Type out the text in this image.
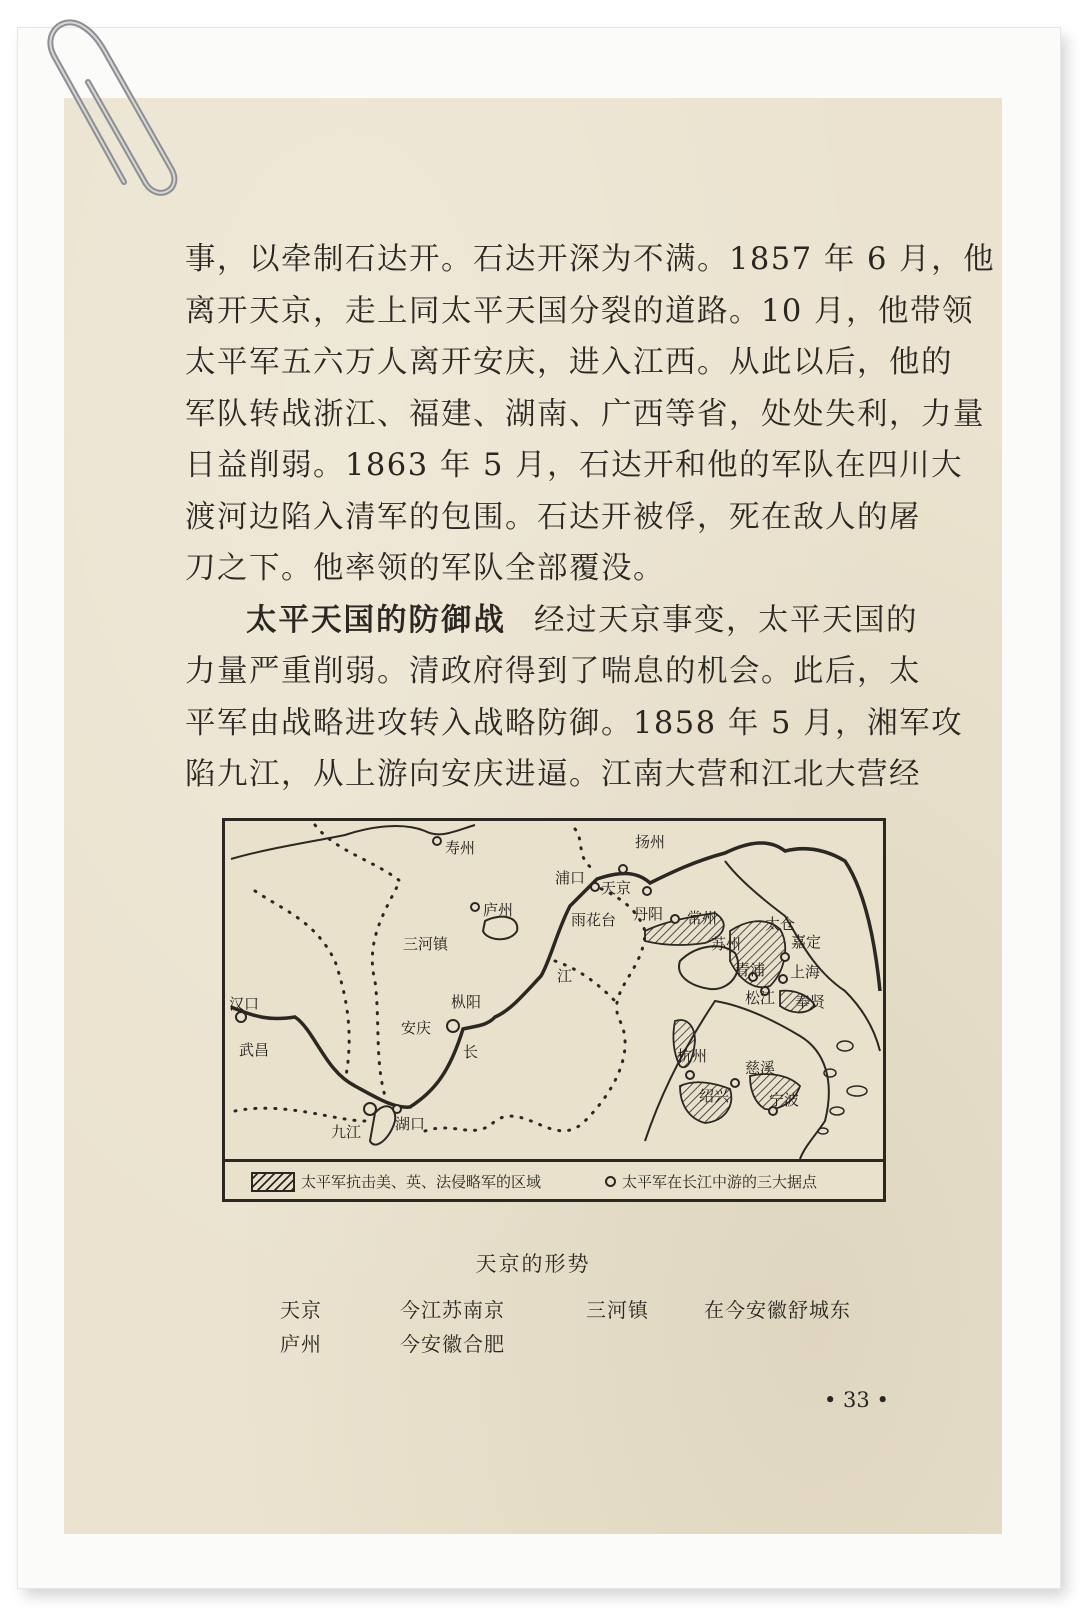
事，以牵制石达开。石达开深为不满。1857 年 6 月，他
离开天京，走上同太平天国分裂的道路。10 月，他带领
太平军五六万人离开安庆，进入江西。从此以后，他的
军队转战浙江、福建、湖南、广西等省，处处失利，力量
日益削弱。1863 年 5 月，石达开和他的军队在四川大
渡河边陷入清军的包围。石达开被俘，死在敌人的屠
刀之下。他率领的军队全部覆没。
太平天国的防御战 经过天京事变，太平天国的
力量严重削弱。清政府得到了喘息的机会。此后，太
平军由战略进攻转入战略防御。1858 年 5 月，湘军攻
陷九江，从上游向安庆进逼。江南大营和江北大营经
寿州	扬州
浦口
天京
丹阳
庐州
雨花台	常州	太仓
三河镇	苏州	嘉定
青浦 上海
松江 奉贤
汉口	枞阳
安庆
武昌	杭州
慈溪
绍兴	宁波
九江 湖口
江
长
太平军抗击美、英、法侵略军的区域	太平军在长江中游的三大据点
天京的形势
天京	今江苏南京	三河镇	在今安徽舒城东
庐州	今安徽合肥
• 33 •
